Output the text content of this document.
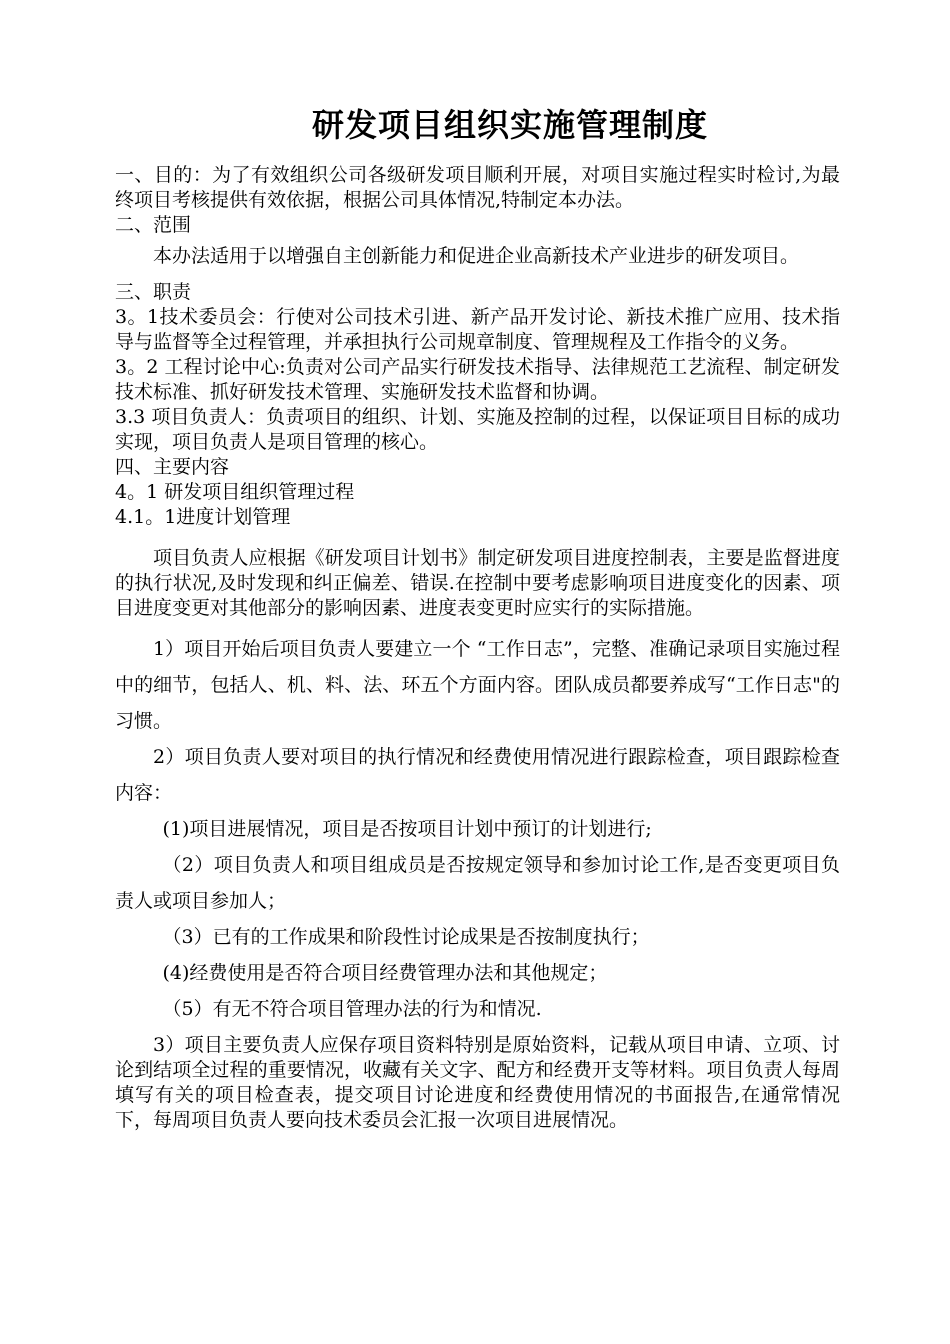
研发项目组织实施管理制度

一、目的：为了有效组织公司各级研发项目顺利开展，对项目实施过程实时检讨,为最终项目考核提供有效依据，根据公司具体情况,特制定本办法。

二、范围

本办法适用于以增强自主创新能力和促进企业高新技术产业进步的研发项目。

三、职责

3。1技术委员会：行使对公司技术引进、新产品开发讨论、新技术推广应用、技术指导与监督等全过程管理，并承担执行公司规章制度、管理规程及工作指令的义务。

3。2 工程讨论中心:负责对公司产品实行研发技术指导、法律规范工艺流程、制定研发技术标准、抓好研发技术管理、实施研发技术监督和协调。

3.3 项目负责人：负责项目的组织、计划、实施及控制的过程，以保证项目目标的成功实现，项目负责人是项目管理的核心。

四、主要内容

4。1 研发项目组织管理过程

4.1。1进度计划管理

项目负责人应根据《研发项目计划书》制定研发项目进度控制表，主要是监督进度的执行状况,及时发现和纠正偏差、错误.在控制中要考虑影响项目进度变化的因素、项目进度变更对其他部分的影响因素、进度表变更时应实行的实际措施。

1）项目开始后项目负责人要建立一个 “工作日志”，完整、准确记录项目实施过程中的细节，包括人、机、料、法、环五个方面内容。团队成员都要养成写“工作日志"的习惯。

2）项目负责人要对项目的执行情况和经费使用情况进行跟踪检查，项目跟踪检查内容：

(1)项目进展情况，项目是否按项目计划中预订的计划进行;

（2）项目负责人和项目组成员是否按规定领导和参加讨论工作,是否变更项目负责人或项目参加人；

（3）已有的工作成果和阶段性讨论成果是否按制度执行；

(4)经费使用是否符合项目经费管理办法和其他规定；

（5）有无不符合项目管理办法的行为和情况.

3）项目主要负责人应保存项目资料特别是原始资料，记载从项目申请、立项、讨论到结项全过程的重要情况，收藏有关文字、配方和经费开支等材料。项目负责人每周填写有关的项目检查表，提交项目讨论进度和经费使用情况的书面报告,在通常情况下，每周项目负责人要向技术委员会汇报一次项目进展情况。
